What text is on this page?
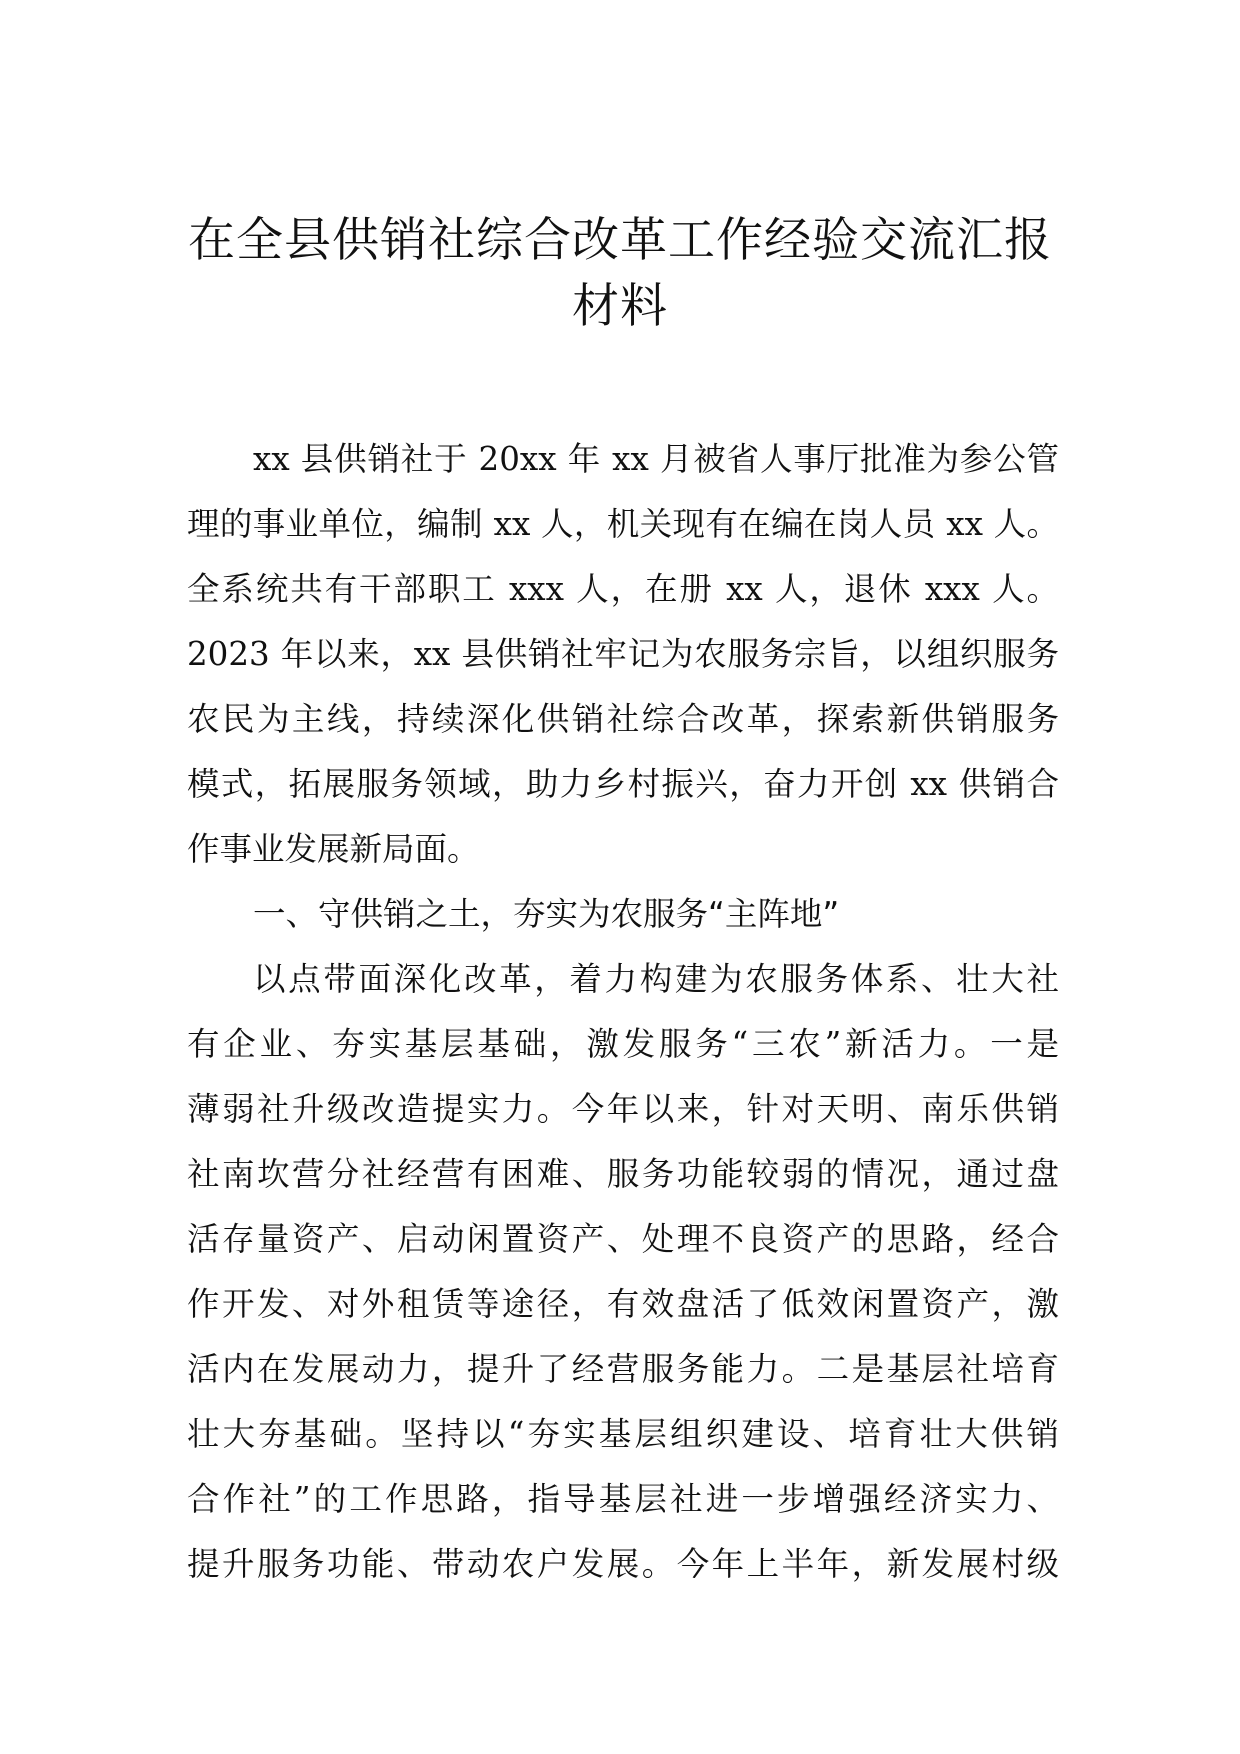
在全县供销社综合改革工作经验交流汇报
材料
xx 县供销社于 20xx 年 xx 月被省人事厅批准为参公管
理的事业单位，编制 xx 人，机关现有在编在岗人员 xx 人。
全系统共有干部职工 xxx 人，在册 xx 人，退休 xxx 人。
2023 年以来，xx 县供销社牢记为农服务宗旨，以组织服务
农民为主线，持续深化供销社综合改革，探索新供销服务
模式，拓展服务领域，助力乡村振兴，奋力开创 xx 供销合
作事业发展新局面。
一、守供销之土，夯实为农服务“主阵地”
以点带面深化改革，着力构建为农服务体系、壮大社
有企业、夯实基层基础，激发服务“三农”新活力。一是
薄弱社升级改造提实力。今年以来，针对天明、南乐供销
社南坎营分社经营有困难、服务功能较弱的情况，通过盘
活存量资产、启动闲置资产、处理不良资产的思路，经合
作开发、对外租赁等途径，有效盘活了低效闲置资产，激
活内在发展动力，提升了经营服务能力。二是基层社培育
壮大夯基础。坚持以“夯实基层组织建设、培育壮大供销
合作社”的工作思路，指导基层社进一步增强经济实力、
提升服务功能、带动农户发展。今年上半年，新发展村级
